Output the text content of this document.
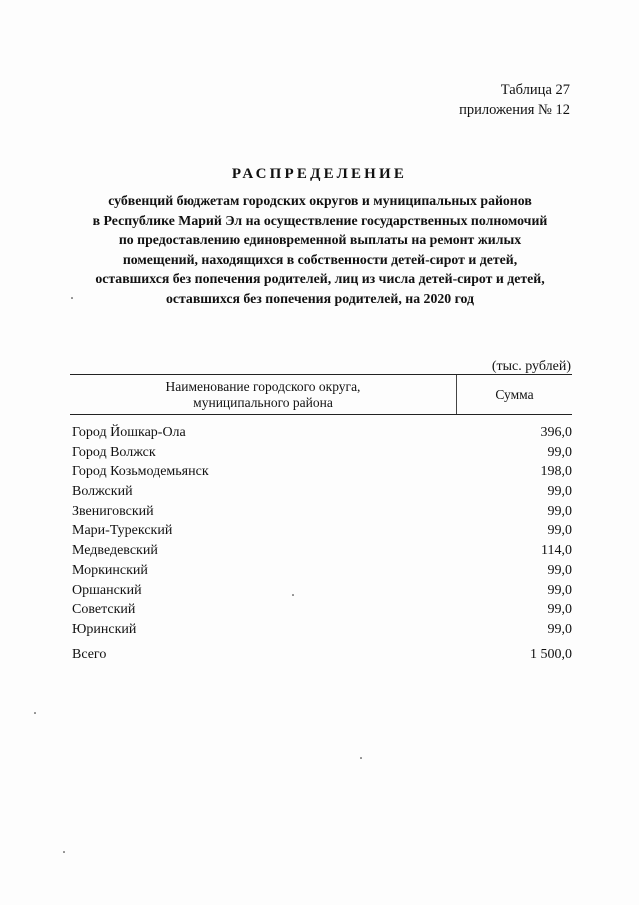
Таблица 27
приложения № 12
РАСПРЕДЕЛЕНИЕ
субвенций бюджетам городских округов и муниципальных районов
в Республике Марий Эл на осуществление государственных полномочий
по предоставлению единовременной выплаты на ремонт жилых
помещений, находящихся в собственности детей-сирот и детей,
оставшихся без попечения родителей, лиц из числа детей-сирот и детей,
оставшихся без попечения родителей, на 2020 год
(тыс. рублей)
Наименование городского округа,
муниципального района
Сумма
Город Йошкар-Ола	396,0
Город Волжск	99,0
Город Козьмодемьянск	198,0
Волжский	99,0
Звениговский	99,0
Мари-Турекский	99,0
Медведевский	114,0
Моркинский	99,0
Оршанский	99,0
Советский	99,0
Юринский	99,0
Всего	1 500,0
